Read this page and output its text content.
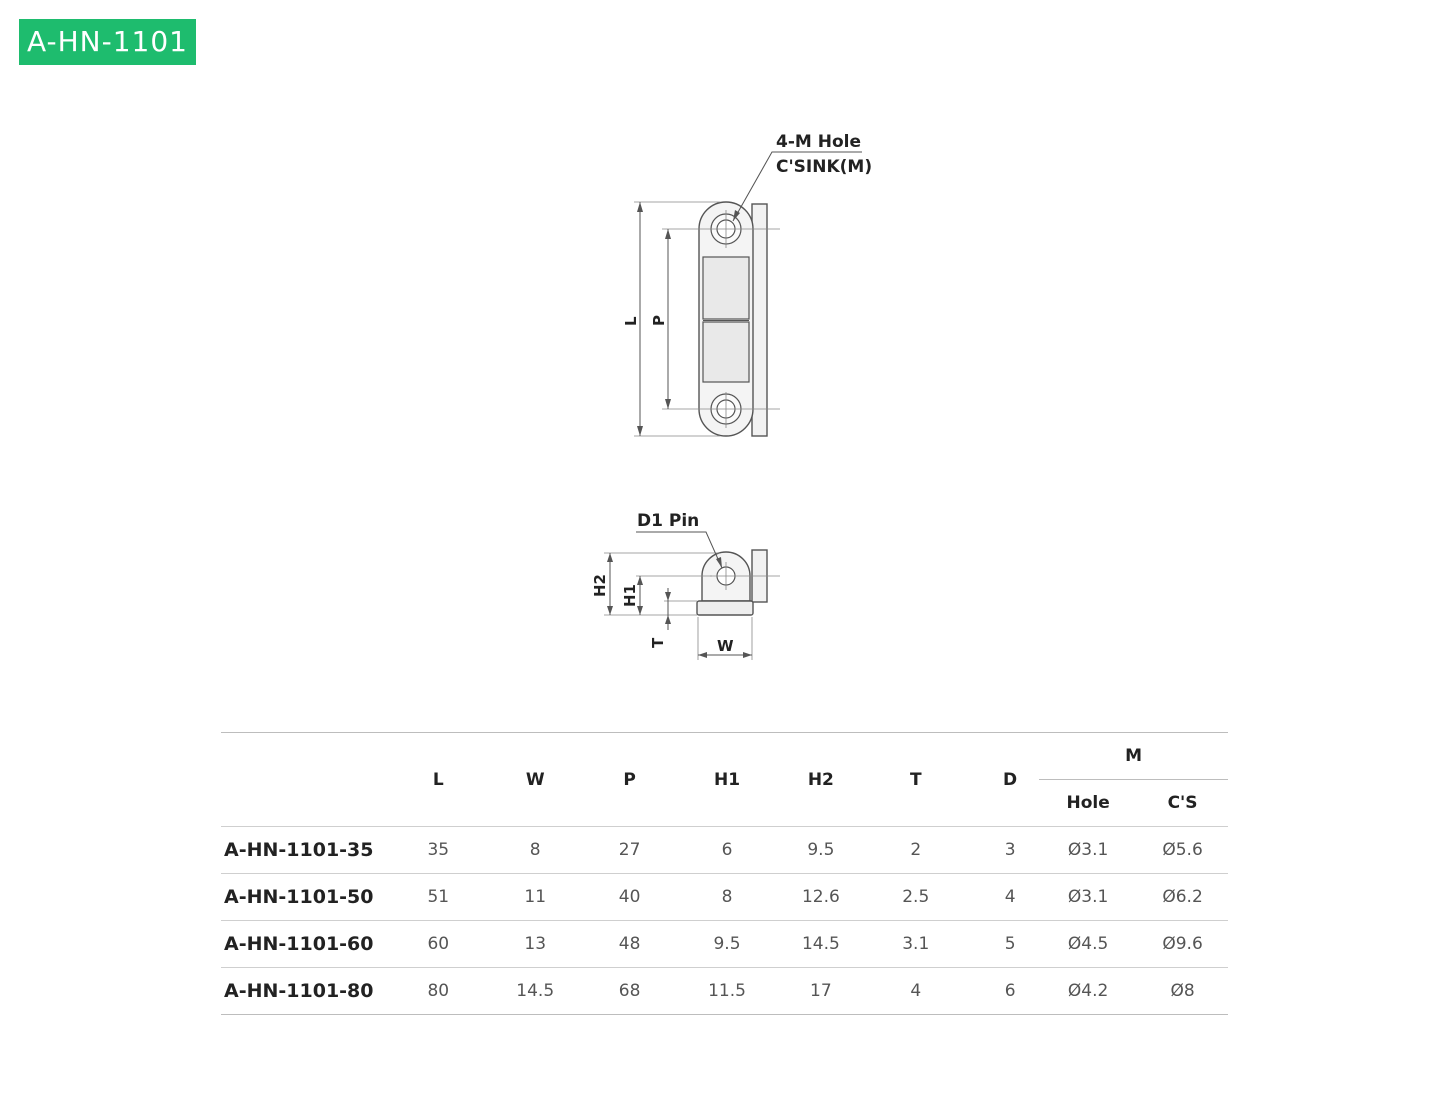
A-HN-1101
4-M Hole
C'SINK(M)
L P
D1 Pin
H2 H1
T	W
	L	W	P	H1	H2	T	D	M	
								Hole	C'S
A-HN-1101-35	35	8	27	6	9.5	2	3	Ø3.1	Ø5.6
A-HN-1101-50	51	11	40	8	12.6	2.5	4	Ø3.1	Ø6.2
A-HN-1101-60	60	13	48	9.5	14.5	3.1	5	Ø4.5	Ø9.6
A-HN-1101-80	80	14.5	68	11.5	17	4	6	Ø4.2	Ø8
